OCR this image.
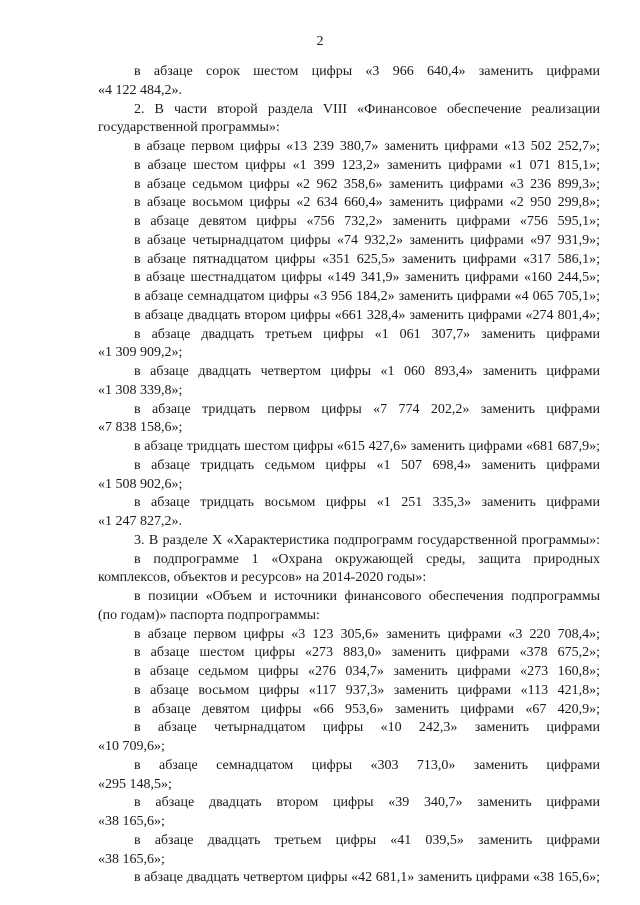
2
в абзаце сорок шестом цифры «3 966 640,4» заменить цифрами
«4 122 484,2».
2. В части второй раздела VIII «Финансовое обеспечение реализации
государственной программы»:
в абзаце первом цифры «13 239 380,7» заменить цифрами «13 502 252,7»;
в абзаце шестом цифры «1 399 123,2» заменить цифрами «1 071 815,1»;
в абзаце седьмом цифры «2 962 358,6» заменить цифрами «3 236 899,3»;
в абзаце восьмом цифры «2 634 660,4» заменить цифрами «2 950 299,8»;
в абзаце девятом цифры «756 732,2» заменить цифрами «756 595,1»;
в абзаце четырнадцатом цифры «74 932,2» заменить цифрами «97 931,9»;
в абзаце пятнадцатом цифры «351 625,5» заменить цифрами «317 586,1»;
в абзаце шестнадцатом цифры «149 341,9» заменить цифрами «160 244,5»;
в абзаце семнадцатом цифры «3 956 184,2» заменить цифрами «4 065 705,1»;
в абзаце двадцать втором цифры «661 328,4» заменить цифрами «274 801,4»;
в абзаце двадцать третьем цифры «1 061 307,7» заменить цифрами
«1 309 909,2»;
в абзаце двадцать четвертом цифры «1 060 893,4» заменить цифрами
«1 308 339,8»;
в абзаце тридцать первом цифры «7 774 202,2» заменить цифрами
«7 838 158,6»;
в абзаце тридцать шестом цифры «615 427,6» заменить цифрами «681 687,9»;
в абзаце тридцать седьмом цифры «1 507 698,4» заменить цифрами
«1 508 902,6»;
в абзаце тридцать восьмом цифры «1 251 335,3» заменить цифрами
«1 247 827,2».
3. В разделе X «Характеристика подпрограмм государственной программы»:
в подпрограмме 1 «Охрана окружающей среды, защита природных
комплексов, объектов и ресурсов» на 2014-2020 годы»:
в позиции «Объем и источники финансового обеспечения подпрограммы
(по годам)» паспорта подпрограммы:
в абзаце первом цифры «3 123 305,6» заменить цифрами «3 220 708,4»;
в абзаце шестом цифры «273 883,0» заменить цифрами «378 675,2»;
в абзаце седьмом цифры «276 034,7» заменить цифрами «273 160,8»;
в абзаце восьмом цифры «117 937,3» заменить цифрами «113 421,8»;
в абзаце девятом цифры «66 953,6» заменить цифрами «67 420,9»;
в абзаце четырнадцатом цифры «10 242,3» заменить цифрами
«10 709,6»;
в абзаце семнадцатом цифры «303 713,0» заменить цифрами
«295 148,5»;
в абзаце двадцать втором цифры «39 340,7» заменить цифрами
«38 165,6»;
в абзаце двадцать третьем цифры «41 039,5» заменить цифрами
«38 165,6»;
в абзаце двадцать четвертом цифры «42 681,1» заменить цифрами «38 165,6»;
